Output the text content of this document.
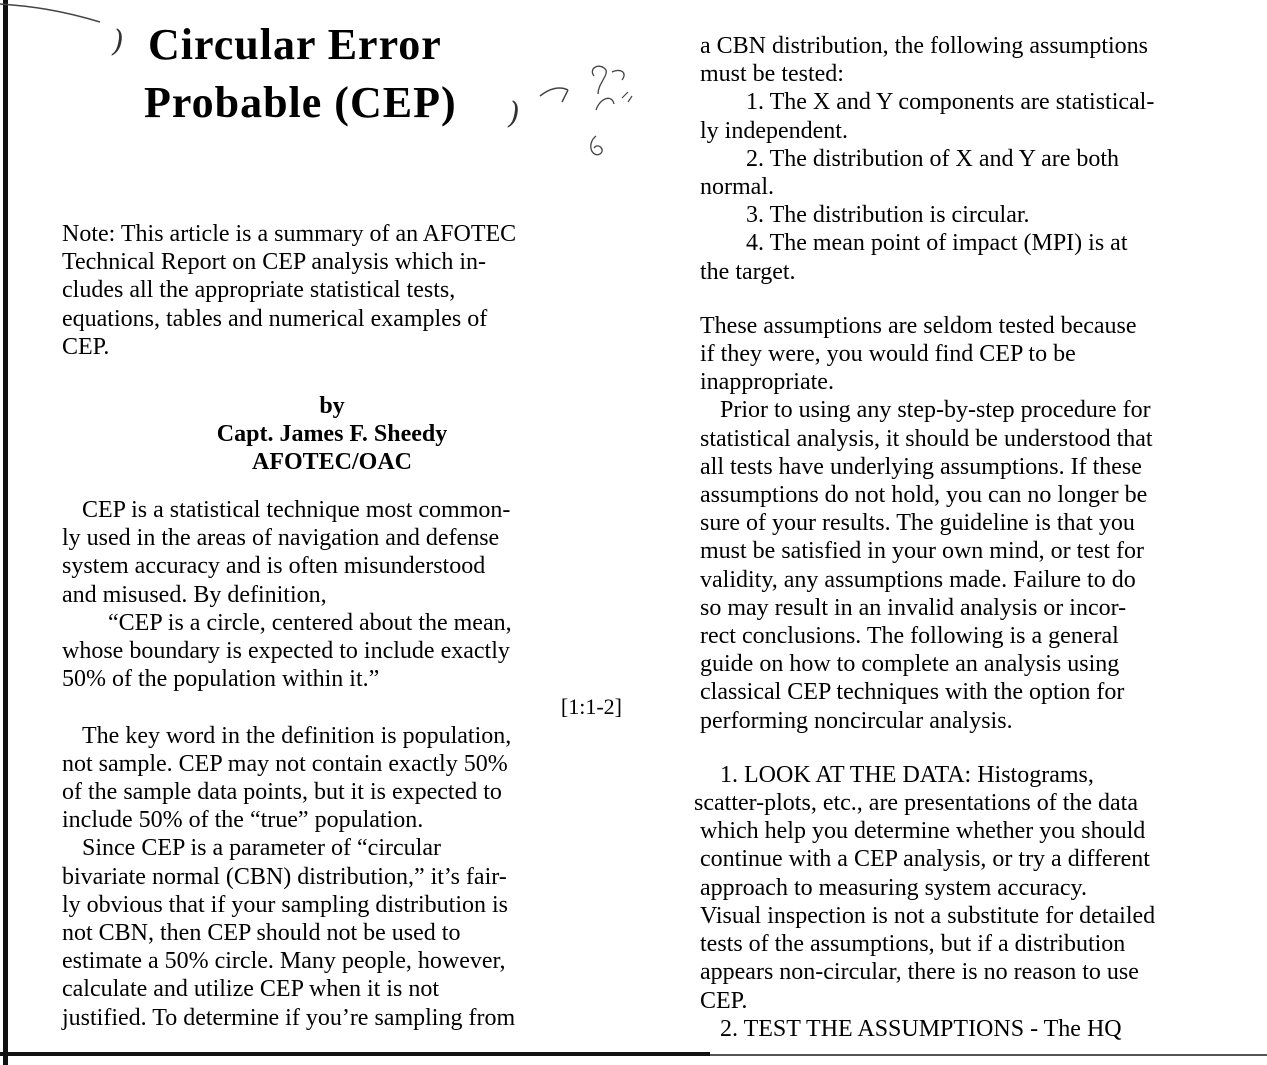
)
)
Circular Error
Probable (CEP)
Note: This article is a summary of an AFOTEC
Technical Report on CEP analysis which in-
cludes all the appropriate statistical tests,
equations, tables and numerical examples of
CEP.
by
Capt. James F. Sheedy
AFOTEC/OAC
CEP is a statistical technique most common-
ly used in the areas of navigation and defense
system accuracy and is often misunderstood
and misused. By definition,
“CEP is a circle, centered about the mean,
whose boundary is expected to include exactly
50% of the population within it.”
[1:1-2]
The key word in the definition is population,
not sample. CEP may not contain exactly 50%
of the sample data points, but it is expected to
include 50% of the “true” population.
Since CEP is a parameter of “circular
bivariate normal (CBN) distribution,” it’s fair-
ly obvious that if your sampling distribution is
not CBN, then CEP should not be used to
estimate a 50% circle. Many people, however,
calculate and utilize CEP when it is not
justified. To determine if you’re sampling from
a CBN distribution, the following assumptions
must be tested:
1. The X and Y components are statistical-
ly independent.
2. The distribution of X and Y are both
normal.
3. The distribution is circular.
4. The mean point of impact (MPI) is at
the target.
These assumptions are seldom tested because
if they were, you would find CEP to be
inappropriate.
Prior to using any step-by-step procedure for
statistical analysis, it should be understood that
all tests have underlying assumptions. If these
assumptions do not hold, you can no longer be
sure of your results. The guideline is that you
must be satisfied in your own mind, or test for
validity, any assumptions made. Failure to do
so may result in an invalid analysis or incor-
rect conclusions. The following is a general
guide on how to complete an analysis using
classical CEP techniques with the option for
performing noncircular analysis.
1. LOOK AT THE DATA: Histograms,
scatter-plots, etc., are presentations of the data
which help you determine whether you should
continue with a CEP analysis, or try a different
approach to measuring system accuracy.
Visual inspection is not a substitute for detailed
tests of the assumptions, but if a distribution
appears non-circular, there is no reason to use
CEP.
2. TEST THE ASSUMPTIONS - The HQ
